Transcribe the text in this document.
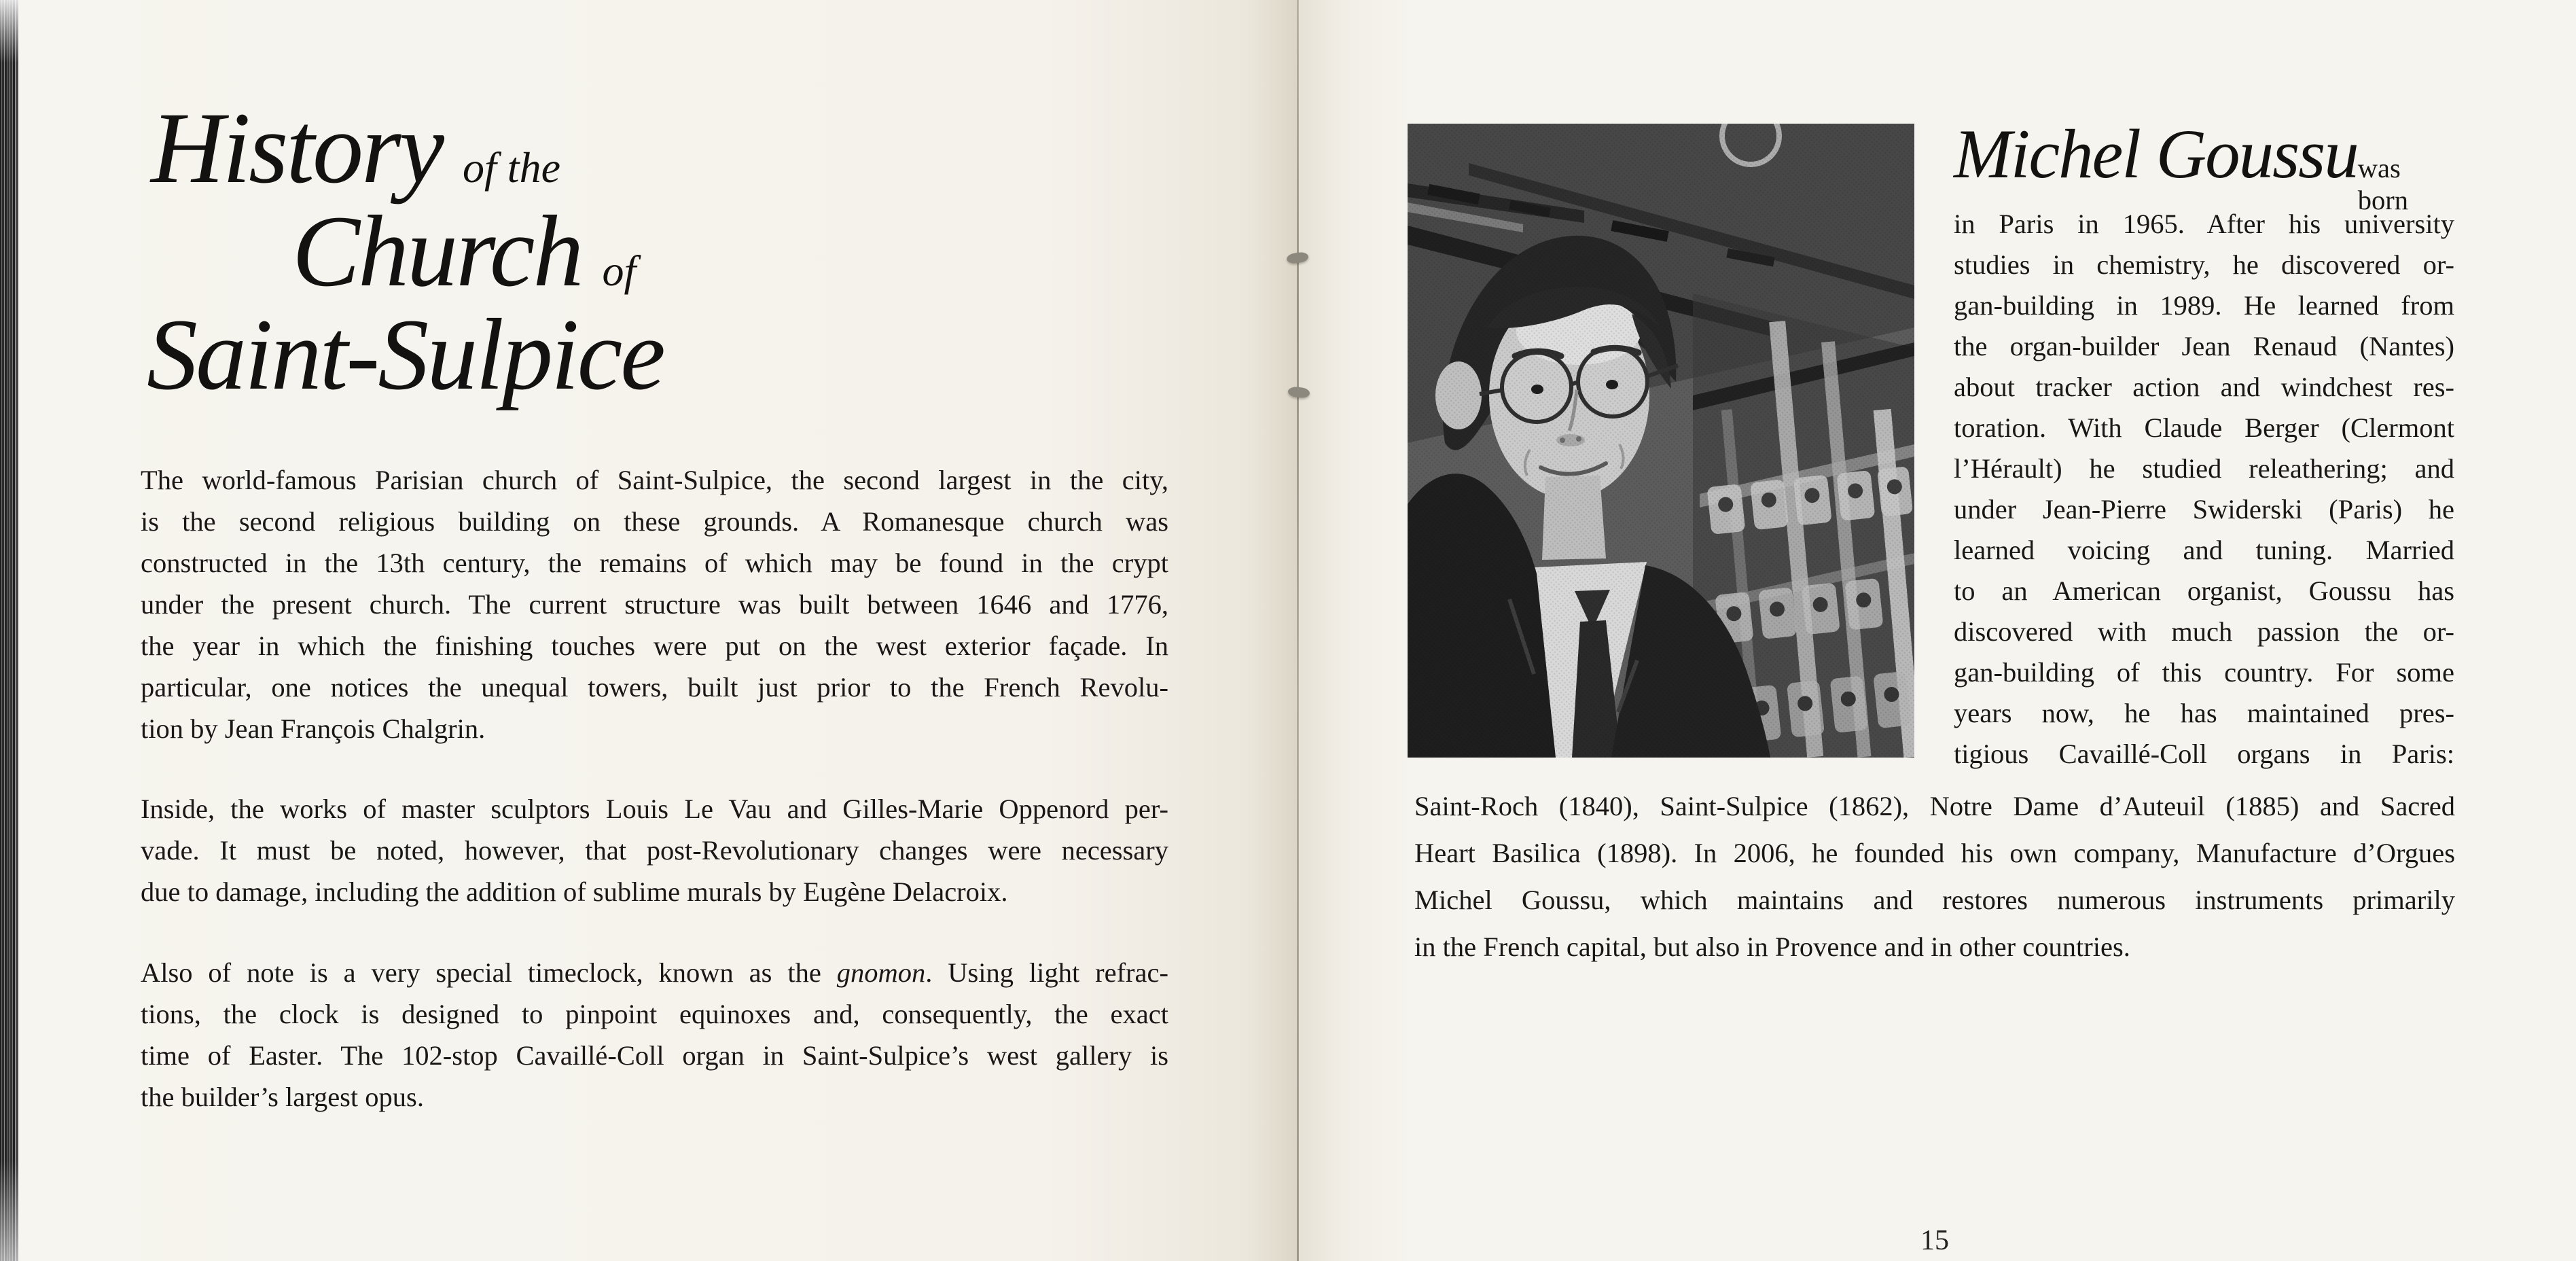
History of the
Church of
Saint-Sulpice
The world-famous Parisian church of Saint-Sulpice, the second largest in the city,
is the second religious building on these grounds. A Romanesque church was
constructed in the 13th century, the remains of which may be found in the crypt
under the present church. The current structure was built between 1646 and 1776,
the year in which the finishing touches were put on the west exterior façade. In
particular, one notices the unequal towers, built just prior to the French Revolu-
tion by Jean François Chalgrin.
Inside, the works of master sculptors Louis Le Vau and Gilles-Marie Oppenord per-
vade. It must be noted, however, that post-Revolutionary changes were necessary
due to damage, including the addition of sublime murals by Eugène Delacroix.
Also of note is a very special timeclock, known as the gnomon. Using light refrac-
tions, the clock is designed to pinpoint equinoxes and, consequently, the exact
time of Easter. The 102-stop Cavaillé-Coll organ in Saint-Sulpice’s west gallery is
the builder’s largest opus.
Michel Goussu was born
in Paris in 1965. After his university
studies in chemistry, he discovered or-
gan-building in 1989. He learned from
the organ-builder Jean Renaud (Nantes)
about tracker action and windchest res-
toration. With Claude Berger (Clermont
l’Hérault) he studied releathering; and
under Jean-Pierre Swiderski (Paris) he
learned voicing and tuning. Married
to an American organist, Goussu has
discovered with much passion the or-
gan-building of this country. For some
years now, he has maintained pres-
tigious Cavaillé-Coll organs in Paris:
Saint-Roch (1840), Saint-Sulpice (1862), Notre Dame d’Auteuil (1885) and Sacred
Heart Basilica (1898). In 2006, he founded his own company, Manufacture d’Orgues
Michel Goussu, which maintains and restores numerous instruments primarily
in the French capital, but also in Provence and in other countries.
15
